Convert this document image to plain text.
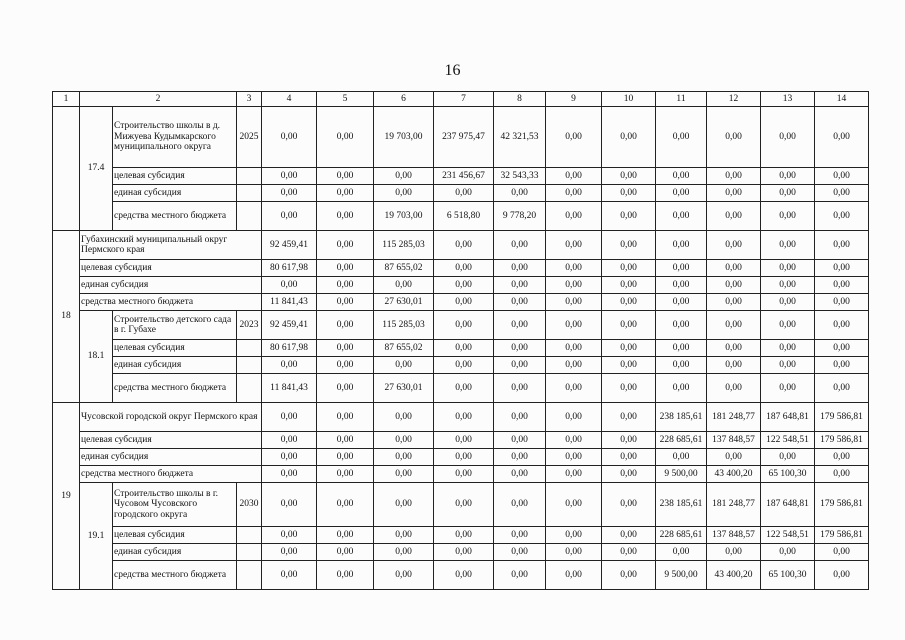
16
1	2		3	4	5	6	7	8	9	10	11	12	13	14
	17.4	Строительство школы в д. Мижуева Кудымкарского муниципального округа	2025	0,00	0,00	19 703,00	237 975,47	42 321,53	0,00	0,00	0,00	0,00	0,00	0,00
		целевая субсидия		0,00	0,00	0,00	231 456,67	32 543,33	0,00	0,00	0,00	0,00	0,00	0,00
		единая субсидия		0,00	0,00	0,00	0,00	0,00	0,00	0,00	0,00	0,00	0,00	0,00
		средства местного бюджета		0,00	0,00	19 703,00	6 518,80	9 778,20	0,00	0,00	0,00	0,00	0,00	0,00
18	Губахинский муниципальный округ Пермского края			92 459,41	0,00	115 285,03	0,00	0,00	0,00	0,00	0,00	0,00	0,00	0,00
	целевая субсидия			80 617,98	0,00	87 655,02	0,00	0,00	0,00	0,00	0,00	0,00	0,00	0,00
	единая субсидия			0,00	0,00	0,00	0,00	0,00	0,00	0,00	0,00	0,00	0,00	0,00
	средства местного бюджета			11 841,43	0,00	27 630,01	0,00	0,00	0,00	0,00	0,00	0,00	0,00	0,00
	18.1	Строительство детского сада в г. Губахе	2023	92 459,41	0,00	115 285,03	0,00	0,00	0,00	0,00	0,00	0,00	0,00	0,00
		целевая субсидия		80 617,98	0,00	87 655,02	0,00	0,00	0,00	0,00	0,00	0,00	0,00	0,00
		единая субсидия		0,00	0,00	0,00	0,00	0,00	0,00	0,00	0,00	0,00	0,00	0,00
		средства местного бюджета		11 841,43	0,00	27 630,01	0,00	0,00	0,00	0,00	0,00	0,00	0,00	0,00
19	Чусовской городской округ Пермского края			0,00	0,00	0,00	0,00	0,00	0,00	0,00	238 185,61	181 248,77	187 648,81	179 586,81
	целевая субсидия			0,00	0,00	0,00	0,00	0,00	0,00	0,00	228 685,61	137 848,57	122 548,51	179 586,81
	единая субсидия			0,00	0,00	0,00	0,00	0,00	0,00	0,00	0,00	0,00	0,00	0,00
	средства местного бюджета			0,00	0,00	0,00	0,00	0,00	0,00	0,00	9 500,00	43 400,20	65 100,30	0,00
	19.1	Строительство школы в г. Чусовом Чусовского городского округа	2030	0,00	0,00	0,00	0,00	0,00	0,00	0,00	238 185,61	181 248,77	187 648,81	179 586,81
		целевая субсидия		0,00	0,00	0,00	0,00	0,00	0,00	0,00	228 685,61	137 848,57	122 548,51	179 586,81
		единая субсидия		0,00	0,00	0,00	0,00	0,00	0,00	0,00	0,00	0,00	0,00	0,00
		средства местного бюджета		0,00	0,00	0,00	0,00	0,00	0,00	0,00	9 500,00	43 400,20	65 100,30	0,00
